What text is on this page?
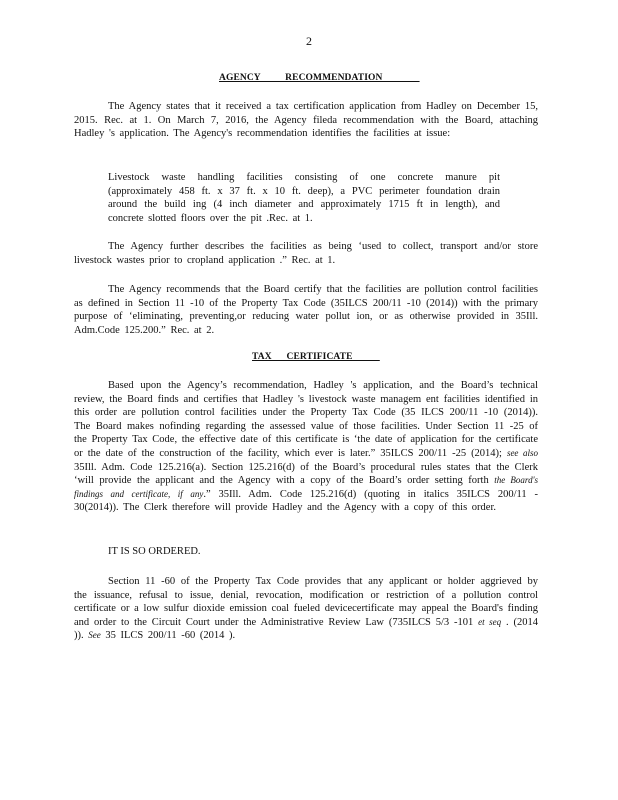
2
AGENCY          RECOMMENDATION
The Agency states that it received a tax certification application from Hadley on December 15, 2015. Rec. at 1. On March 7, 2016, the Agency fileda recommendation with the Board, attaching Hadley 's application. The Agency's recommendation identifies the facilities at issue:
Livestock waste handling facilities consisting of one concrete manure pit (approximately 458 ft. x 37 ft. x 10 ft. deep), a PVC perimeter foundation drain around the build ing (4 inch diameter and approximately 1715 ft in length), and concrete slotted floors over the pit .Rec. at 1.
The Agency further describes the facilities as being ‘used to collect, transport and/or store livestock wastes prior to cropland application .” Rec. at 1.
The Agency recommends that the Board certify that the facilities are pollution control facilities as defined in Section 11 -10 of the Property Tax Code (35ILCS 200/11 -10 (2014)) with the primary purpose of ‘eliminating, preventing,or reducing water pollut ion, or as otherwise provided in 35Ill. Adm.Code 125.200.” Rec. at 2.
TAX      CERTIFICATE
Based upon the Agency’s recommendation, Hadley 's application, and the Board’s technical review, the Board finds and certifies that Hadley 's livestock waste managem ent facilities identified in this order are pollution control facilities under the Property Tax Code (35 ILCS 200/11 -10 (2014)). The Board makes nofinding regarding the assessed value of those facilities. Under Section 11 -25 of the Property Tax Code, the effective date of this certificate is ‘the date of application for the certificate or the date of the construction of the facility, which ever is later.” 35ILCS 200/11 -25 (2014); see also 35Ill. Adm. Code 125.216(a). Section 125.216(d) of the Board’s procedural rules states that the Clerk ‘will provide the applicant and the Agency with a copy of the Board’s order setting forth the Board's findings and certificate, if any.” 35Ill. Adm. Code 125.216(d) (quoting in italics 35ILCS 200/11 - 30(2014)). The Clerk therefore will provide Hadley and the Agency with a copy of this order.
IT IS SO ORDERED.
Section 11 -60 of the Property Tax Code provides that any applicant or holder aggrieved by the issuance, refusal to issue, denial, revocation, modification or restriction of a pollution control certificate or a low sulfur dioxide emission coal fueled devicecertificate may appeal the Board's finding and order to the Circuit Court under the Administrative Review Law (735ILCS 5/3 -101 et seq . (2014 )). See 35 ILCS 200/11 -60 (2014 ).
